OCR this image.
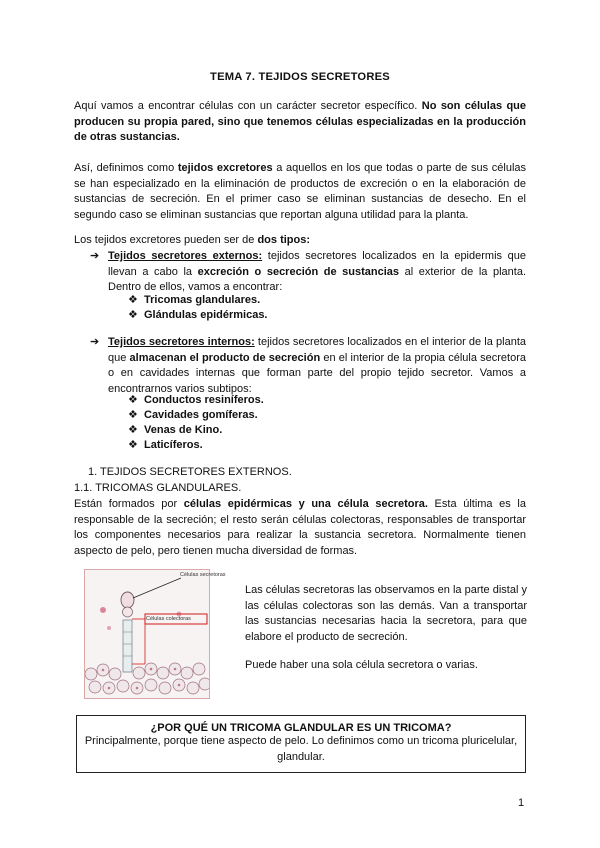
TEMA 7. TEJIDOS SECRETORES
Aquí vamos a encontrar células con un carácter secretor específico. No son células que producen su propia pared, sino que tenemos células especializadas en la producción de otras sustancias.
Así, definimos como tejidos excretores a aquellos en los que todas o parte de sus células se han especializado en la eliminación de productos de excreción o en la elaboración de sustancias de secreción. En el primer caso se eliminan sustancias de desecho. En el segundo caso se eliminan sustancias que reportan alguna utilidad para la planta.
Los tejidos excretores pueden ser de dos tipos:
➔ Tejidos secretores externos: tejidos secretores localizados en la epidermis que llevan a cabo la excreción o secreción de sustancias al exterior de la planta. Dentro de ellos, vamos a encontrar:
❖ Tricomas glandulares.
❖ Glándulas epidérmicas.
➔ Tejidos secretores internos: tejidos secretores localizados en el interior de la planta que almacenan el producto de secreción en el interior de la propia célula secretora o en cavidades internas que forman parte del propio tejido secretor. Vamos a encontrarnos varios subtipos:
❖ Conductos resiníferos.
❖ Cavidades gomíferas.
❖ Venas de Kino.
❖ Laticíferos.
1. TEJIDOS SECRETORES EXTERNOS.
1.1. TRICOMAS GLANDULARES.
Están formados por células epidérmicas y una célula secretora. Esta última es la responsable de la secreción; el resto serán células colectoras, responsables de transportar los componentes necesarios para realizar la sustancia secretora. Normalmente tienen aspecto de pelo, pero tienen mucha diversidad de formas.
Células secretoras
Células colectoras
Las células secretoras las observamos en la parte distal y las células colectoras son las demás. Van a transportar las sustancias necesarias hacia la secretora, para que elabore el producto de secreción.
Puede haber una sola célula secretora o varias.
¿POR QUÉ UN TRICOMA GLANDULAR ES UN TRICOMA?
Principalmente, porque tiene aspecto de pelo. Lo definimos como un tricoma pluricelular, glandular.
1
